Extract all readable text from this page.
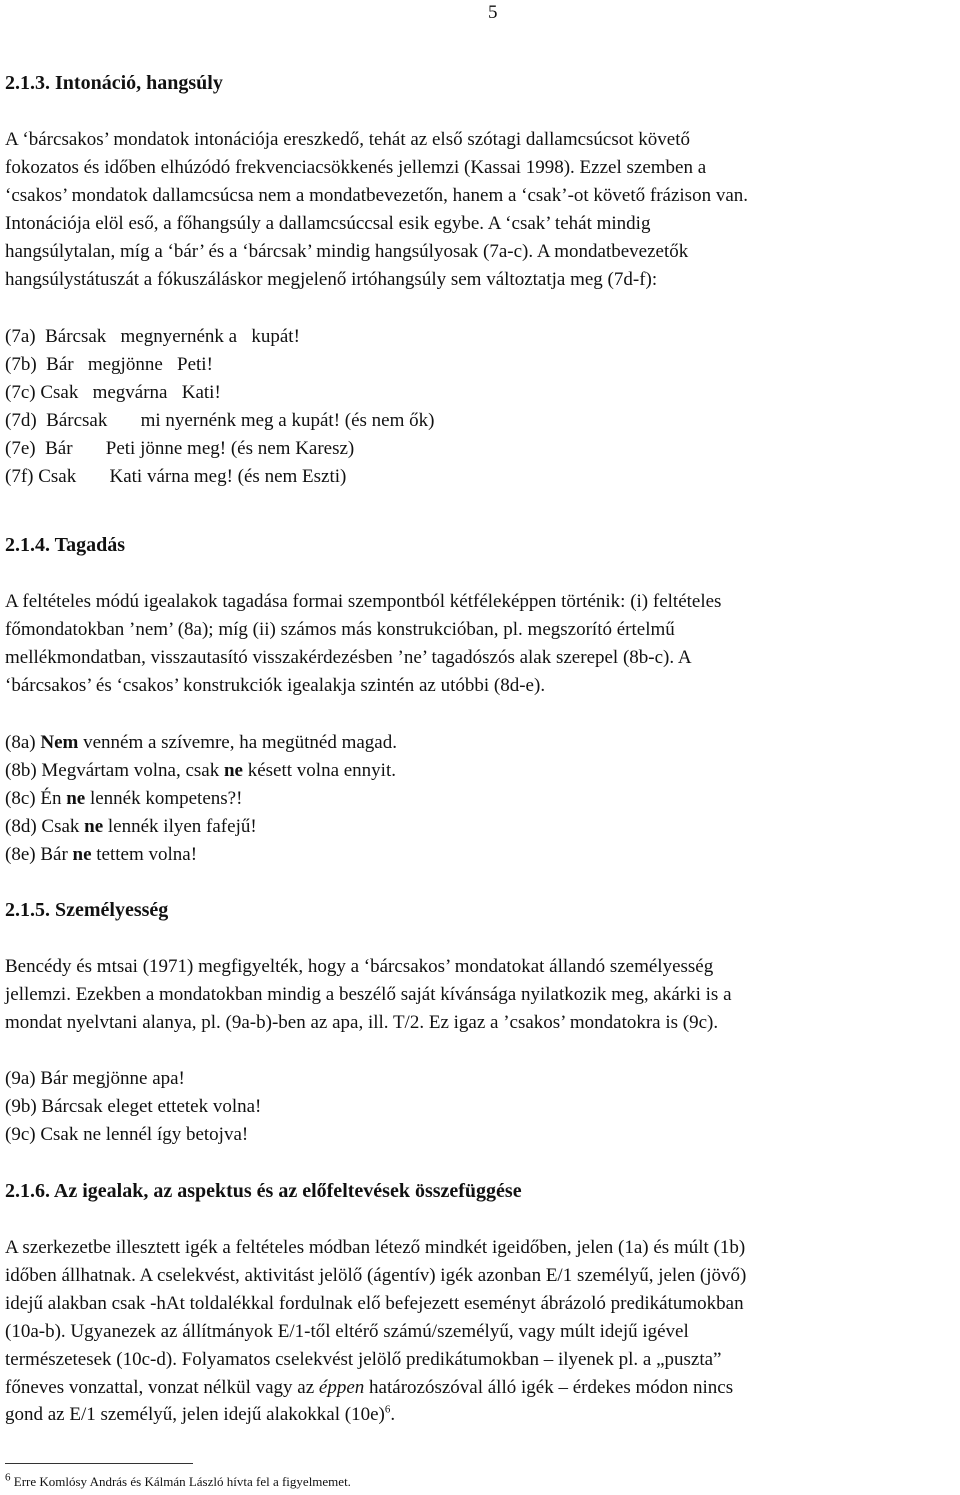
5
2.1.3. Intonáció, hangsúly
A ‘bárcsakos’ mondatok intonációja ereszkedő, tehát az első szótagi dallamcsúcsot követő
fokozatos és időben elhúzódó frekvenciacsökkenés jellemzi (Kassai 1998). Ezzel szemben a
‘csakos’ mondatok dallamcsúcsa nem a mondatbevezetőn, hanem a ‘csak’-ot követő frázison van.
Intonációja elöl eső, a főhangsúly a dallamcsúccsal esik egybe. A ‘csak’ tehát mindig
hangsúlytalan, míg a ‘bár’ és a ‘bárcsak’ mindig hangsúlyosak (7a-c). A mondatbevezetők
hangsúlystátuszát a fókuszáláskor megjelenő irtóhangsúly sem változtatja meg (7d-f):
(7a)  Bárcsak   megnyernénk a   kupát!
(7b)  Bár   megjönne   Peti!
(7c) Csak   megvárna   Kati!
(7d)  Bárcsak       mi nyernénk meg a kupát! (és nem ők)
(7e)  Bár       Peti jönne meg! (és nem Karesz)
(7f) Csak       Kati várna meg! (és nem Eszti)
2.1.4. Tagadás
A feltételes módú igealakok tagadása formai szempontból kétféleképpen történik: (i) feltételes
főmondatokban ’nem’ (8a); míg (ii) számos más konstrukcióban, pl. megszorító értelmű
mellékmondatban, visszautasító visszakérdezésben ’ne’ tagadószós alak szerepel (8b-c). A
‘bárcsakos’ és ‘csakos’ konstrukciók igealakja szintén az utóbbi (8d-e).
(8a) Nem venném a szívemre, ha megütnéd magad.
(8b) Megvártam volna, csak ne késett volna ennyit.
(8c) Én ne lennék kompetens?!
(8d) Csak ne lennék ilyen fafejű!
(8e) Bár ne tettem volna!
2.1.5. Személyesség
Bencédy és mtsai (1971) megfigyelték, hogy a ‘bárcsakos’ mondatokat állandó személyesség
jellemzi. Ezekben a mondatokban mindig a beszélő saját kívánsága nyilatkozik meg, akárki is a
mondat nyelvtani alanya, pl. (9a-b)-ben az apa, ill. T/2. Ez igaz a ’csakos’ mondatokra is (9c).
(9a) Bár megjönne apa!
(9b) Bárcsak eleget ettetek volna!
(9c) Csak ne lennél így betojva!
2.1.6. Az igealak, az aspektus és az előfeltevések összefüggése
A szerkezetbe illesztett igék a feltételes módban létező mindkét igeidőben, jelen (1a) és múlt (1b)
időben állhatnak. A cselekvést, aktivitást jelölő (ágentív) igék azonban E/1 személyű, jelen (jövő)
idejű alakban csak -hAt toldalékkal fordulnak elő befejezett eseményt ábrázoló predikátumokban
(10a-b). Ugyanezek az állítmányok E/1-től eltérő számú/személyű, vagy múlt idejű igével
természetesek (10c-d). Folyamatos cselekvést jelölő predikátumokban – ilyenek pl. a „puszta”
főneves vonzattal, vonzat nélkül vagy az éppen határozószóval álló igék – érdekes módon nincs
gond az E/1 személyű, jelen idejű alakokkal $(10e)^6$.
$^6$ Erre Komlósy András és Kálmán László hívta fel a figyelmemet.
